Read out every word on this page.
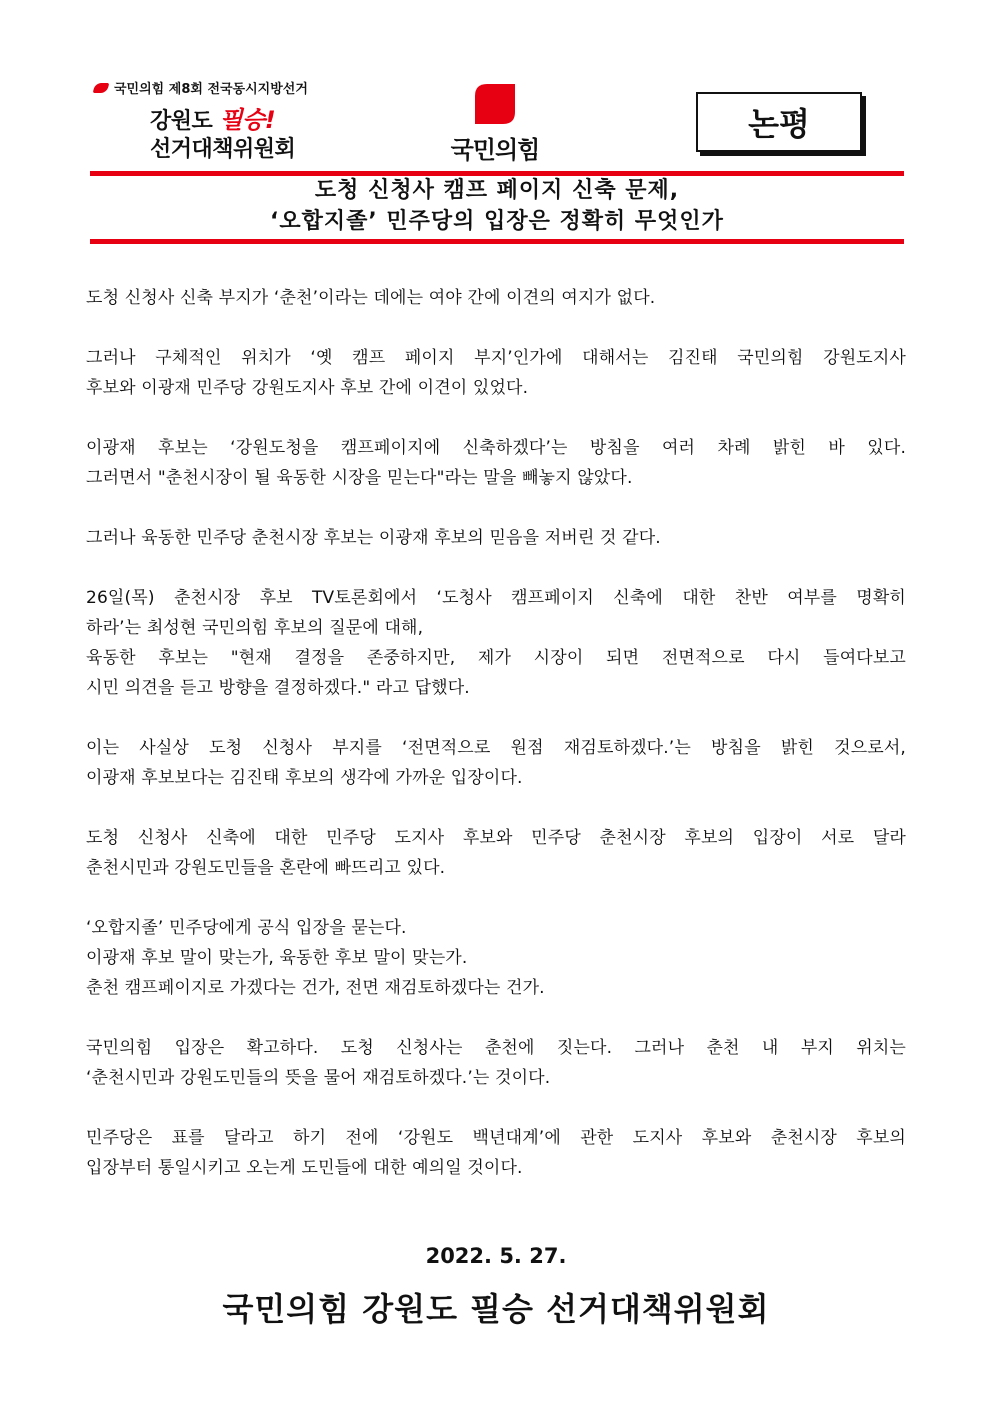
국민의힘 제8회 전국동시지방선거
강원도 필승!
선거대책위원회	국민의힘
논평
도청 신청사 캠프 페이지 신축 문제,
‘오합지졸’ 민주당의 입장은 정확히 무엇인가
도청 신청사 신축 부지가 ‘춘천’이라는 데에는 여야 간에 이견의 여지가 없다.
그러나 구체적인 위치가 ‘옛 캠프 페이지 부지’인가에 대해서는 김진태 국민의힘 강원도지사
후보와 이광재 민주당 강원도지사 후보 간에 이견이 있었다.
이광재 후보는 ‘강원도청을 캠프페이지에 신축하겠다’는 방침을 여러 차례 밝힌 바 있다.
그러면서 "춘천시장이 될 육동한 시장을 믿는다"라는 말을 빼놓지 않았다.
그러나 육동한 민주당 춘천시장 후보는 이광재 후보의 믿음을 저버린 것 같다.
26일(목) 춘천시장 후보 TV토론회에서 ‘도청사 캠프페이지 신축에 대한 찬반 여부를 명확히
하라’는 최성현 국민의힘 후보의 질문에 대해,
육동한 후보는 "현재 결정을 존중하지만, 제가 시장이 되면 전면적으로 다시 들여다보고
시민 의견을 듣고 방향을 결정하겠다." 라고 답했다.
이는 사실상 도청 신청사 부지를 ‘전면적으로 원점 재검토하겠다.’는 방침을 밝힌 것으로서,
이광재 후보보다는 김진태 후보의 생각에 가까운 입장이다.
도청 신청사 신축에 대한 민주당 도지사 후보와 민주당 춘천시장 후보의 입장이 서로 달라
춘천시민과 강원도민들을 혼란에 빠뜨리고 있다.
‘오합지졸’ 민주당에게 공식 입장을 묻는다.
이광재 후보 말이 맞는가, 육동한 후보 말이 맞는가.
춘천 캠프페이지로 가겠다는 건가, 전면 재검토하겠다는 건가.
국민의힘 입장은 확고하다. 도청 신청사는 춘천에 짓는다. 그러나 춘천 내 부지 위치는
‘춘천시민과 강원도민들의 뜻을 물어 재검토하겠다.’는 것이다.
민주당은 표를 달라고 하기 전에 ‘강원도 백년대계’에 관한 도지사 후보와 춘천시장 후보의
입장부터 통일시키고 오는게 도민들에 대한 예의일 것이다.
2022. 5. 27.
국민의힘 강원도 필승 선거대책위원회
